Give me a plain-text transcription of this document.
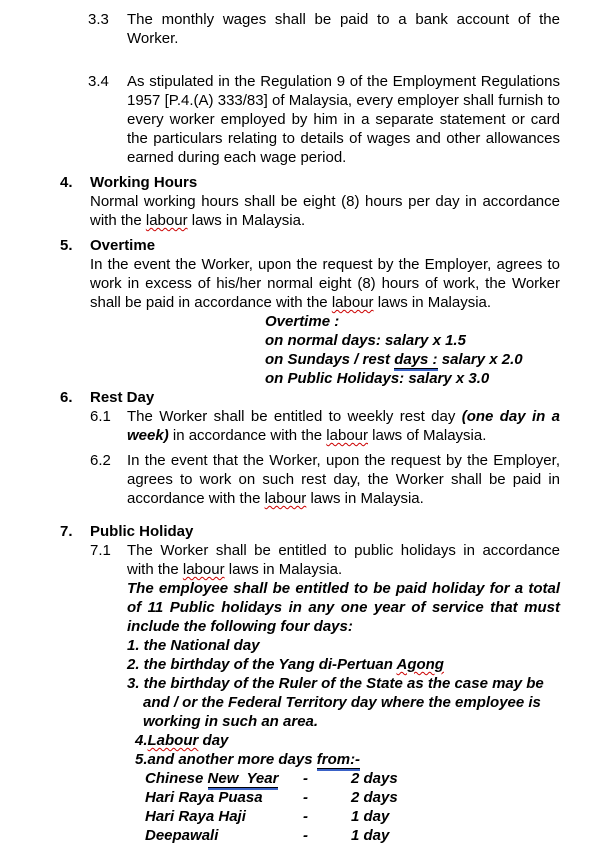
3.3	The monthly wages shall be paid to a bank account of the Worker.
3.4	As stipulated in the Regulation 9 of the Employment Regulations 1957 [P.4.(A) 333/83] of Malaysia, every employer shall furnish to every worker employed by him in a separate statement or card the particulars relating to details of wages and other allowances earned during each wage period.
4.	Working Hours
Normal working hours shall be eight (8) hours per day in accordance with the labour laws in Malaysia.
5.	Overtime
In the event the Worker, upon the request by the Employer, agrees to work in excess of his/her normal eight (8) hours of work, the Worker shall be paid in accordance with the labour laws in Malaysia.
Overtime :
on normal days: salary x 1.5
on Sundays / rest days : salary x 2.0
on Public Holidays: salary x 3.0
6.	Rest Day
6.1	The Worker shall be entitled to weekly rest day (one day in a week) in accordance with the labour laws of Malaysia.
6.2	In the event that the Worker, upon the request by the Employer, agrees to work on such rest day, the Worker shall be paid in accordance with the labour laws in Malaysia.
7.	Public Holiday
7.1	The Worker shall be entitled to public holidays in accordance with the labour laws in Malaysia.
The employee shall be entitled to be paid holiday for a total of 11 Public holidays in any one year of service that must include the following four days:
1. the National day
2. the birthday of the Yang di-Pertuan Agong
3. the birthday of the Ruler of the State as the case may be and / or the Federal Territory day where the employee is working in such an area.
4.Labour day
5.and another more days from:-
Chinese New  Year	-	2 days
Hari Raya Puasa	-	2 days
Hari Raya Haji	-	1 day
Deepawali	-	1 day
